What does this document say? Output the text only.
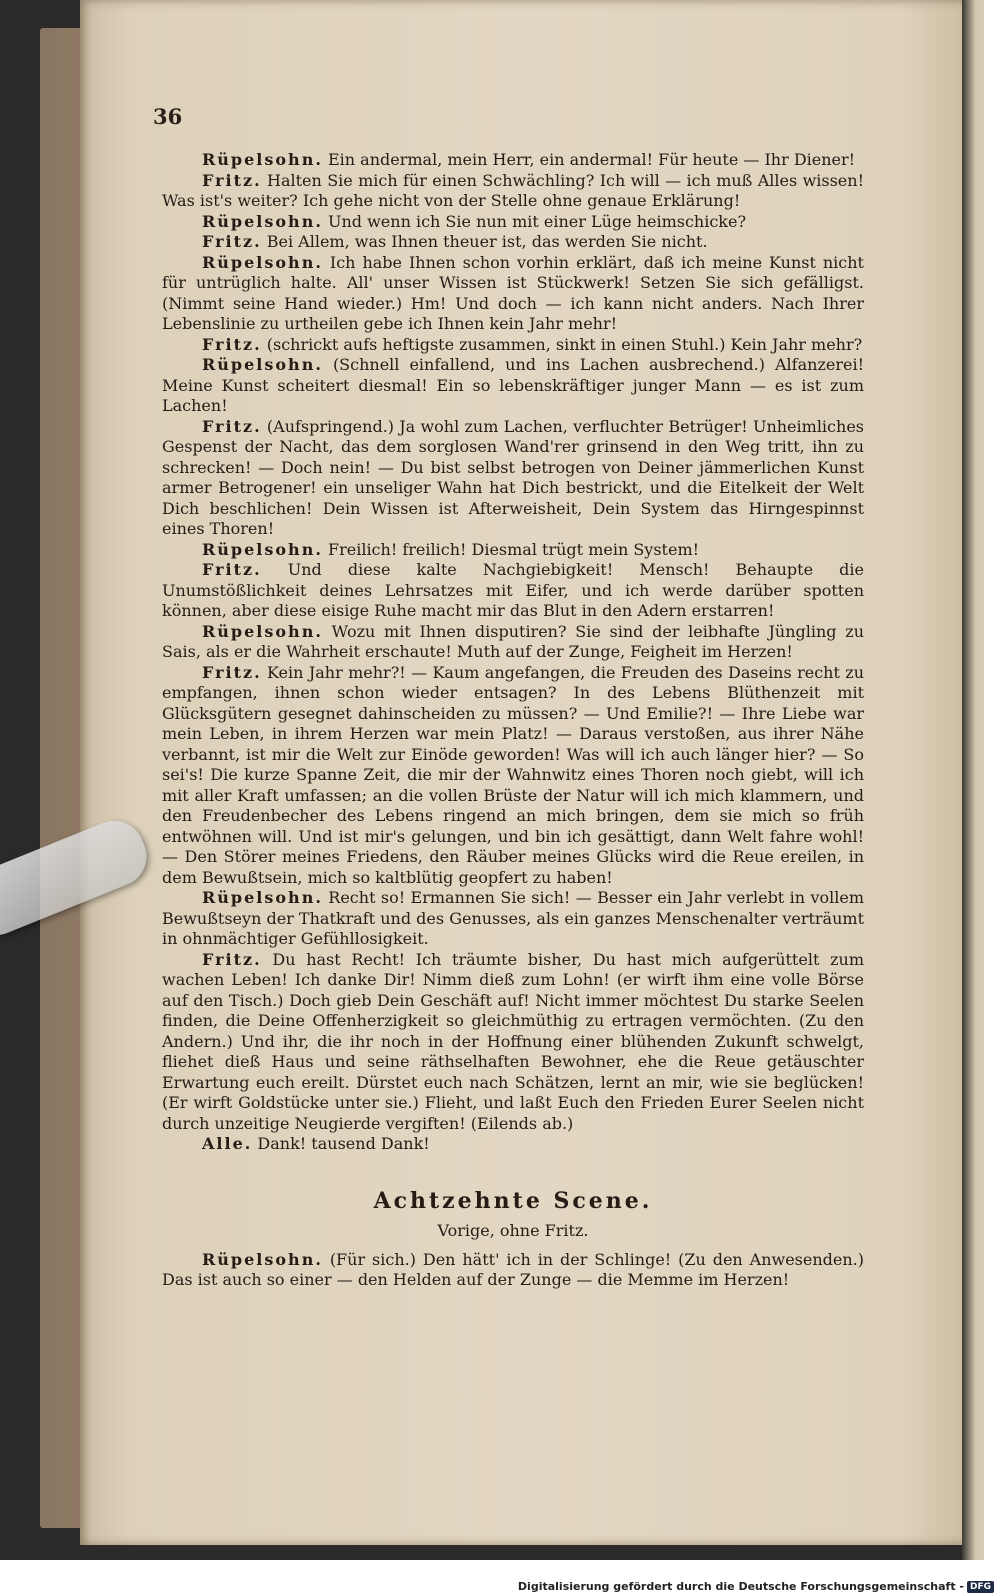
36

Rüpelsohn. Ein andermal, mein Herr, ein andermal! Für heute — Ihr Diener!

Fritz. Halten Sie mich für einen Schwächling? Ich will — ich muß Alles wissen! Was ist's weiter? Ich gehe nicht von der Stelle ohne genaue Erklärung!

Rüpelsohn. Und wenn ich Sie nun mit einer Lüge heimschicke?

Fritz. Bei Allem, was Ihnen theuer ist, das werden Sie nicht.

Rüpelsohn. Ich habe Ihnen schon vorhin erklärt, daß ich meine Kunst nicht für untrüglich halte. All' unser Wissen ist Stückwerk! Setzen Sie sich gefälligst. (Nimmt seine Hand wieder.) Hm! Und doch — ich kann nicht anders. Nach Ihrer Lebenslinie zu urtheilen gebe ich Ihnen kein Jahr mehr!

Fritz. (schrickt aufs heftigste zusammen, sinkt in einen Stuhl.) Kein Jahr mehr?

Rüpelsohn. (Schnell einfallend, und ins Lachen ausbrechend.) Alfanzerei! Meine Kunst scheitert diesmal! Ein so lebenskräftiger junger Mann — es ist zum Lachen!

Fritz. (Aufspringend.) Ja wohl zum Lachen, verfluchter Betrüger! Unheimliches Gespenst der Nacht, das dem sorglosen Wand'rer grinsend in den Weg tritt, ihn zu schrecken! — Doch nein! — Du bist selbst betrogen von Deiner jämmerlichen Kunst armer Betrogener! ein unseliger Wahn hat Dich bestrickt, und die Eitelkeit der Welt Dich beschlichen! Dein Wissen ist Afterweisheit, Dein System das Hirngespinnst eines Thoren!

Rüpelsohn. Freilich! freilich! Diesmal trügt mein System!

Fritz. Und diese kalte Nachgiebigkeit! Mensch! Behaupte die Unumstößlichkeit deines Lehrsatzes mit Eifer, und ich werde darüber spotten können, aber diese eisige Ruhe macht mir das Blut in den Adern erstarren!

Rüpelsohn. Wozu mit Ihnen disputiren? Sie sind der leibhafte Jüngling zu Sais, als er die Wahrheit erschaute! Muth auf der Zunge, Feigheit im Herzen!

Fritz. Kein Jahr mehr?! — Kaum angefangen, die Freuden des Daseins recht zu empfangen, ihnen schon wieder entsagen? In des Lebens Blüthenzeit mit Glücksgütern gesegnet dahinscheiden zu müssen? — Und Emilie?! — Ihre Liebe war mein Leben, in ihrem Herzen war mein Platz! — Daraus verstoßen, aus ihrer Nähe verbannt, ist mir die Welt zur Einöde geworden! Was will ich auch länger hier? — So sei's! Die kurze Spanne Zeit, die mir der Wahnwitz eines Thoren noch giebt, will ich mit aller Kraft umfassen; an die vollen Brüste der Natur will ich mich klammern, und den Freudenbecher des Lebens ringend an mich bringen, dem sie mich so früh entwöhnen will. Und ist mir's gelungen, und bin ich gesättigt, dann Welt fahre wohl! — Den Störer meines Friedens, den Räuber meines Glücks wird die Reue ereilen, in dem Bewußtsein, mich so kaltblütig geopfert zu haben!

Rüpelsohn. Recht so! Ermannen Sie sich! — Besser ein Jahr verlebt in vollem Bewußtseyn der Thatkraft und des Genusses, als ein ganzes Menschenalter verträumt in ohnmächtiger Gefühllosigkeit.

Fritz. Du hast Recht! Ich träumte bisher, Du hast mich aufgerüttelt zum wachen Leben! Ich danke Dir! Nimm dieß zum Lohn! (er wirft ihm eine volle Börse auf den Tisch.) Doch gieb Dein Geschäft auf! Nicht immer möchtest Du starke Seelen finden, die Deine Offenherzigkeit so gleichmüthig zu ertragen vermöchten. (Zu den Andern.) Und ihr, die ihr noch in der Hoffnung einer blühenden Zukunft schwelgt, fliehet dieß Haus und seine räthselhaften Bewohner, ehe die Reue getäuschter Erwartung euch ereilt. Dürstet euch nach Schätzen, lernt an mir, wie sie beglücken! (Er wirft Goldstücke unter sie.) Flieht, und laßt Euch den Frieden Eurer Seelen nicht durch unzeitige Neugierde vergiften! (Eilends ab.)

Alle. Dank! tausend Dank!

Achtzehnte Scene.
Vorige, ohne Fritz.

Rüpelsohn. (Für sich.) Den hätt' ich in der Schlinge! (Zu den Anwesenden.) Das ist auch so einer — den Helden auf der Zunge — die Memme im Herzen!

Digitalisierung gefördert durch die Deutsche Forschungsgemeinschaft - DFG
